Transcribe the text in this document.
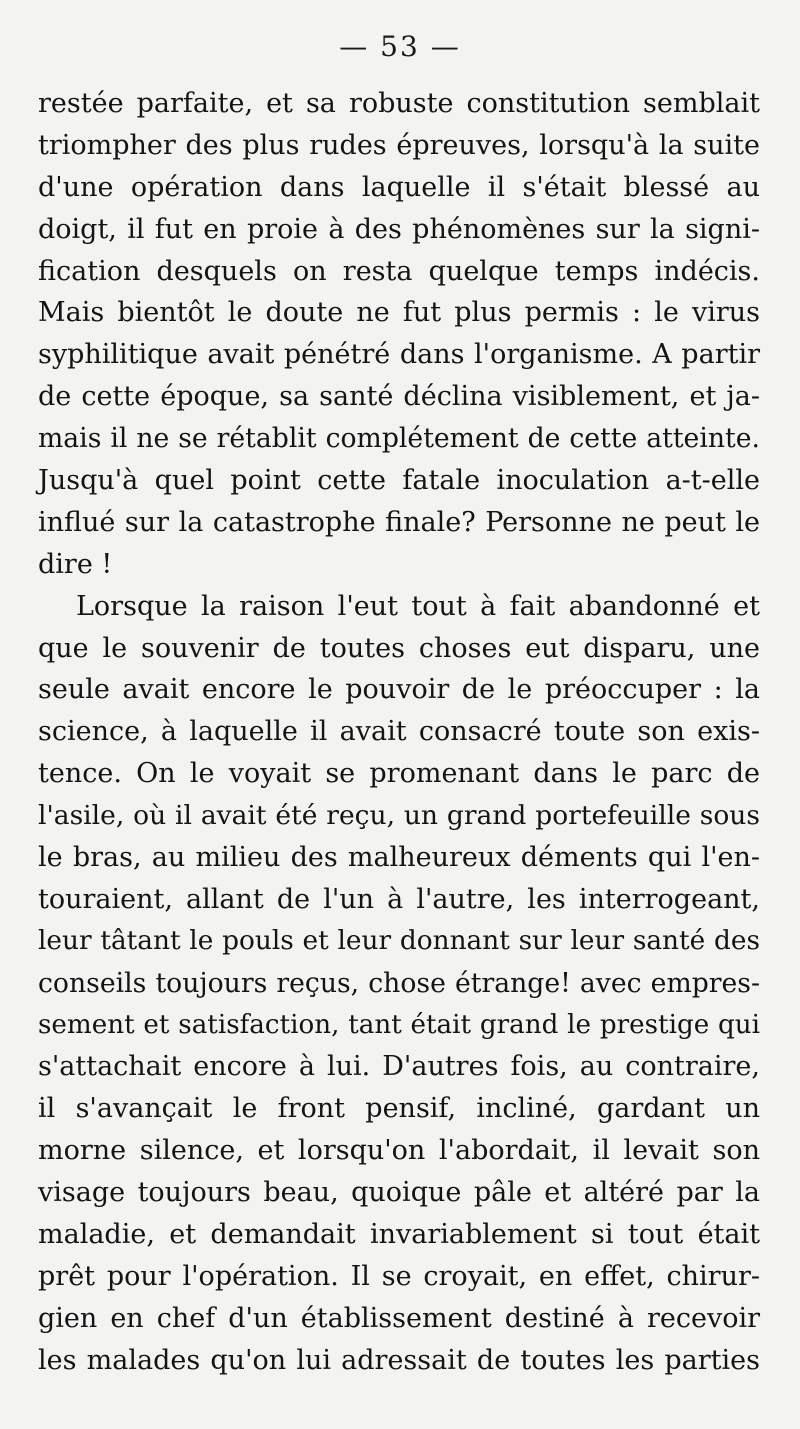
— 53 —
restée parfaite, et sa robuste constitution semblait
triompher des plus rudes épreuves, lorsqu'à la suite
d'une opération dans laquelle il s'était blessé au
doigt, il fut en proie à des phénomènes sur la signi-
fication desquels on resta quelque temps indécis.
Mais bientôt le doute ne fut plus permis : le virus
syphilitique avait pénétré dans l'organisme. A partir
de cette époque, sa santé déclina visiblement, et ja-
mais il ne se rétablit complétement de cette atteinte.
Jusqu'à quel point cette fatale inoculation a-t-elle
influé sur la catastrophe finale? Personne ne peut le
dire !
Lorsque la raison l'eut tout à fait abandonné et
que le souvenir de toutes choses eut disparu, une
seule avait encore le pouvoir de le préoccuper : la
science, à laquelle il avait consacré toute son exis-
tence. On le voyait se promenant dans le parc de
l'asile, où il avait été reçu, un grand portefeuille sous
le bras, au milieu des malheureux déments qui l'en-
touraient, allant de l'un à l'autre, les interrogeant,
leur tâtant le pouls et leur donnant sur leur santé des
conseils toujours reçus, chose étrange! avec empres-
sement et satisfaction, tant était grand le prestige qui
s'attachait encore à lui. D'autres fois, au contraire,
il s'avançait le front pensif, incliné, gardant un
morne silence, et lorsqu'on l'abordait, il levait son
visage toujours beau, quoique pâle et altéré par la
maladie, et demandait invariablement si tout était
prêt pour l'opération. Il se croyait, en effet, chirur-
gien en chef d'un établissement destiné à recevoir
les malades qu'on lui adressait de toutes les parties
